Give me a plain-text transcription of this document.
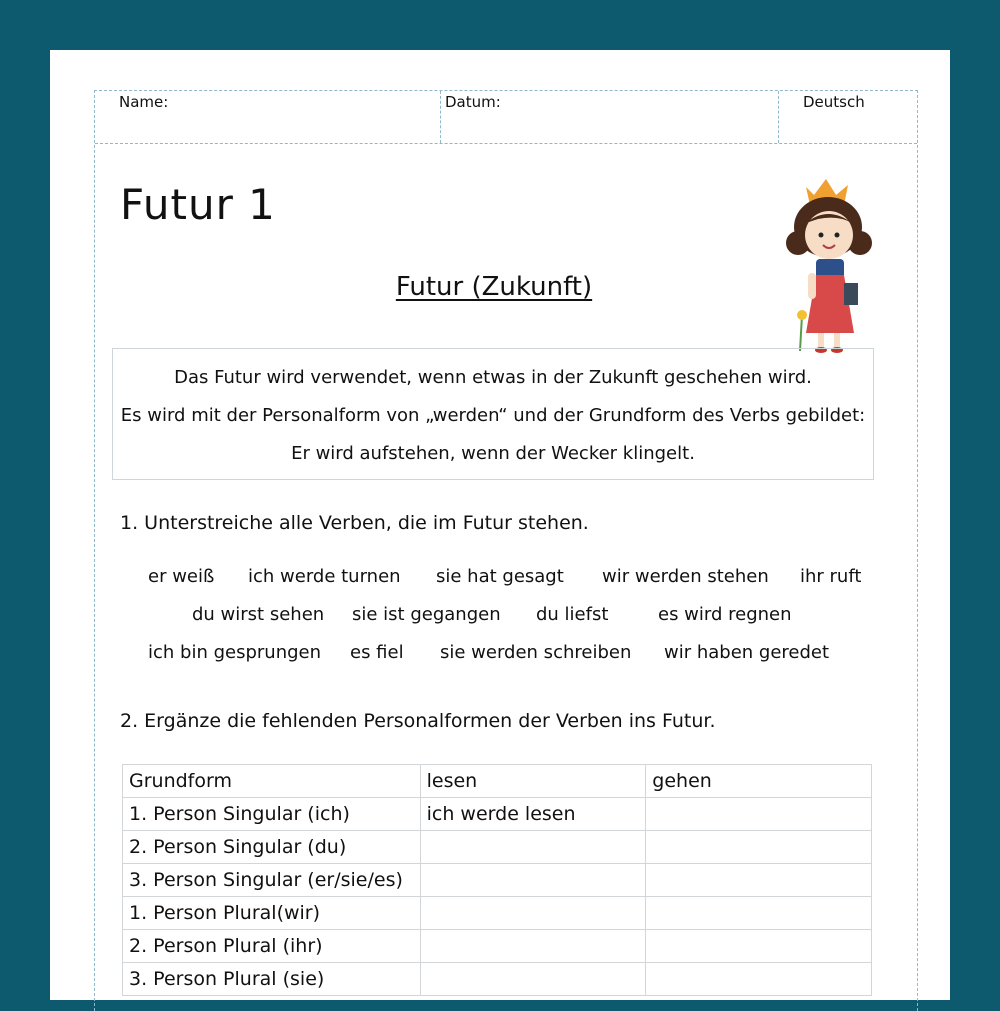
Name:	Datum:	Deutsch
Futur 1
Futur (Zukunft)
Das Futur wird verwendet, wenn etwas in der Zukunft geschehen wird.
Es wird mit der Personalform von „werden“ und der Grundform des Verbs gebildet:
Er wird aufstehen, wenn der Wecker klingelt.
1. Unterstreiche alle Verben, die im Futur stehen.
er weiß ich werde turnen sie hat gesagt wir werden stehen ihr ruft
du wirst sehen sie ist gegangen du liefst	es wird regnen
ich bin gesprungen es fiel sie werden schreiben wir haben geredet
2. Ergänze die fehlenden Personalformen der Verben ins Futur.
Grundform	lesen	gehen
1. Person Singular (ich)	ich werde lesen	
2. Person Singular (du)		
3. Person Singular (er/sie/es)		
1. Person Plural(wir)		
2. Person Plural (ihr)		
3. Person Plural (sie)		
